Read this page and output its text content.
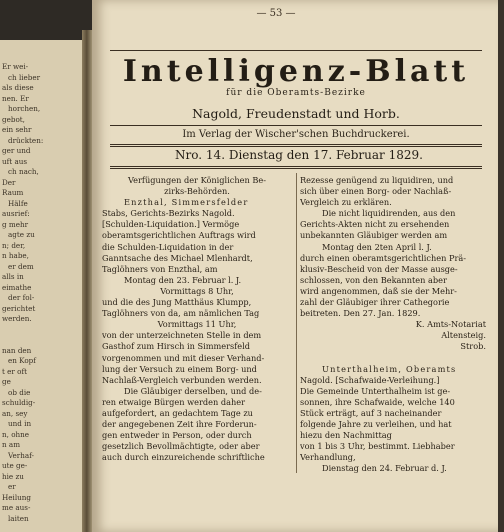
Er wei-
ch lieber
als diese
nen. Er
horchen,
gebot,
ein sehr
drückten:
ger und
uft aus
ch nach,
Der
Raum
Hälfe
ausrief:
g mehr
agte zu
n; der,
n habe,
er dem
alls in
eimathe
der fol-
gerichtet
werden.
nan den
en Kopf
t er oft
ge
ob die
schuldig-
an, sey
und in
n, ohne
n am
Verhaf-
ute ge-
hie zu
er
Heilung
me aus-
laiten
— 53 —
Intelligenz-Blatt
für die Oberamts-Bezirke
Nagold, Freudenstadt und Horb.
Im Verlag der Wischer'schen Buchdruckerei.
Nro. 14. Dienstag den 17. Februar 1829.
Verfügungen der Königlichen Be-
zirks-Behörden.
Enzthal, Simmersfelder
Stabs, Gerichts-Bezirks Nagold.
[Schulden-Liquidation.] Vermöge
oberamtsgerichtlichen Auftrags wird
die Schulden-Liquidation in der
Ganntsache des Michael Mlenhardt,
Taglöhners von Enzthal, am
Montag den 23. Februar l. J.
Vormittags 8 Uhr,
und die des Jung Matthäus Klumpp,
Taglöhners von da, am nämlichen Tag
Vormittags 11 Uhr,
von der unterzeichneten Stelle in dem
Gasthof zum Hirsch in Simmersfeld
vorgenommen und mit dieser Verhand-
lung der Versuch zu einem Borg- und
Nachlaß-Vergleich verbunden werden.
Die Gläubiger derselben, und de-
ren etwaige Bürgen werden daher
aufgefordert, an gedachtem Tage zu
der angegebenen Zeit ihre Forderun-
gen entweder in Person, oder durch
gesetzlich Bevollmächtigte, oder aber
auch durch einzureichende schriftliche
Rezesse genügend zu liquidiren, und
sich über einen Borg- oder Nachlaß-
Vergleich zu erklären.
Die nicht liquidirenden, aus den
Gerichts-Akten nicht zu ersehenden
unbekannten Gläubiger werden am
Montag den 2ten April l. J.
durch einen oberamtsgerichtlichen Prä-
klusiv-Bescheid von der Masse ausge-
schlossen, von den Bekannten aber
wird angenommen, daß sie der Mehr-
zahl der Gläubiger ihrer Cathegorie
beitreten. Den 27. Jan. 1829.
K. Amts-Notariat
Altensteig.
Strob.

Unterthalheim, Oberamts
Nagold. [Schafwaide-Verleihung.]
Die Gemeinde Unterthalheim ist ge-
sonnen, ihre Schafwaide, welche 140
Stück erträgt, auf 3 nacheinander
folgende Jahre zu verleihen, und hat
hiezu den Nachmittag
von 1 bis 3 Uhr, bestimmt. Liebhaber
Verhandlung,
Dienstag den 24. Februar d. J.
